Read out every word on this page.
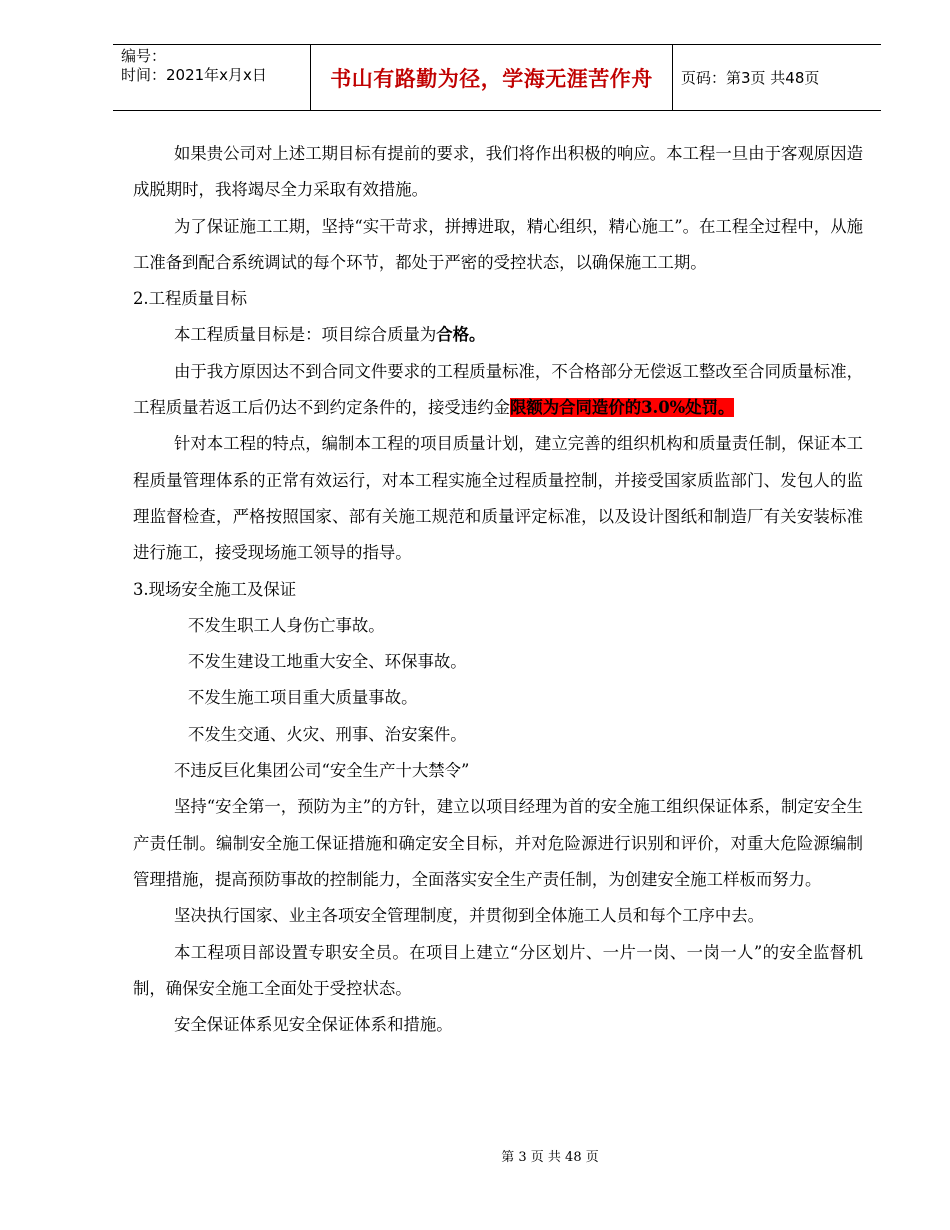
编号：
时间：2021年x月x日	书山有路勤为径，学海无涯苦作舟	页码：第3页 共48页

如果贵公司对上述工期目标有提前的要求，我们将作出积极的响应。本工程一旦由于客观原因造成脱期时，我将竭尽全力采取有效措施。

为了保证施工工期，坚持“实干苛求，拼搏进取，精心组织，精心施工”。在工程全过程中，从施工准备到配合系统调试的每个环节，都处于严密的受控状态，以确保施工工期。

2.工程质量目标

本工程质量目标是：项目综合质量为合格。

由于我方原因达不到合同文件要求的工程质量标准，不合格部分无偿返工整改至合同质量标准，工程质量若返工后仍达不到约定条件的，接受违约金限额为合同造价的3.0%处罚。

针对本工程的特点，编制本工程的项目质量计划，建立完善的组织机构和质量责任制，保证本工程质量管理体系的正常有效运行，对本工程实施全过程质量控制，并接受国家质监部门、发包人的监理监督检查，严格按照国家、部有关施工规范和质量评定标准，以及设计图纸和制造厂有关安装标准进行施工，接受现场施工领导的指导。

3.现场安全施工及保证

不发生职工人身伤亡事故。

不发生建设工地重大安全、环保事故。

不发生施工项目重大质量事故。

不发生交通、火灾、刑事、治安案件。

不违反巨化集团公司“安全生产十大禁令”

坚持“安全第一，预防为主”的方针，建立以项目经理为首的安全施工组织保证体系，制定安全生产责任制。编制安全施工保证措施和确定安全目标，并对危险源进行识别和评价，对重大危险源编制管理措施，提高预防事故的控制能力，全面落实安全生产责任制，为创建安全施工样板而努力。

坚决执行国家、业主各项安全管理制度，并贯彻到全体施工人员和每个工序中去。

本工程项目部设置专职安全员。在项目上建立“分区划片、一片一岗、一岗一人”的安全监督机制，确保安全施工全面处于受控状态。

安全保证体系见安全保证体系和措施。

第 3 页 共 48 页
